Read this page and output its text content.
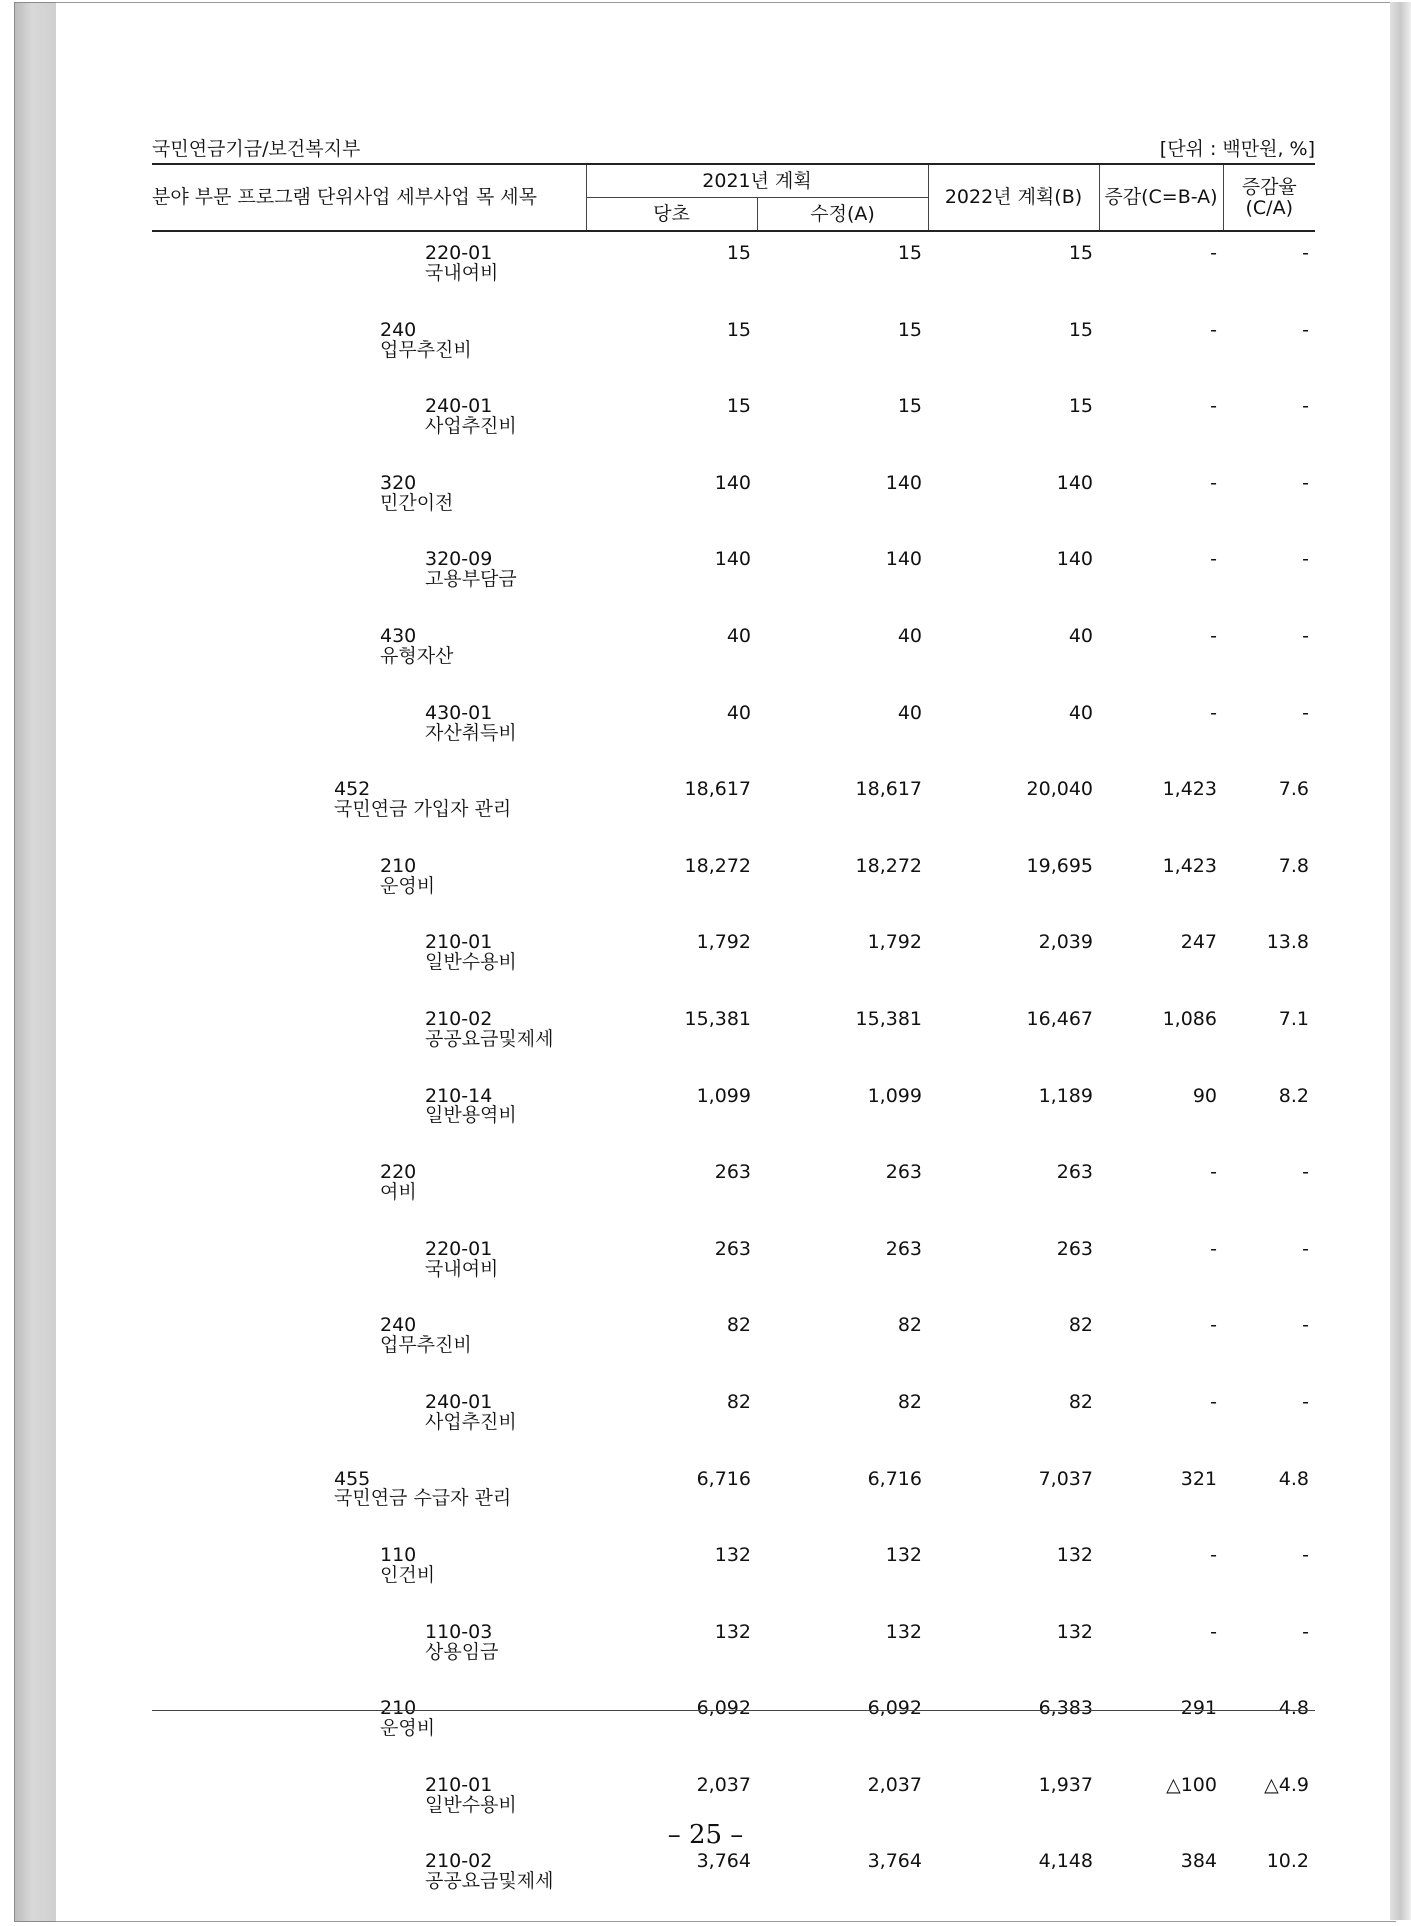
국민연금기금/보건복지부	[단위 : 백만원, %]
분야 부문 프로그램 단위사업 세부사업 목 세목	2021년 계획		2022년 계획(B)	증감(C=B-A)	증감율 (C/A)
	당초	수정(A)			

220-01
국내여비	15	15	15	-	-

240
업무추진비	15	15	15	-	-

240-01
사업추진비	15	15	15	-	-

320
민간이전	140	140	140	-	-

320-09
고용부담금	140	140	140	-	-

430
유형자산	40	40	40	-	-

430-01
자산취득비	40	40	40	-	-

452
국민연금 가입자 관리	18,617	18,617	20,040	1,423	7.6

210
운영비	18,272	18,272	19,695	1,423	7.8

210-01
일반수용비	1,792	1,792	2,039	247	13.8

210-02
공공요금및제세	15,381	15,381	16,467	1,086	7.1

210-14
일반용역비	1,099	1,099	1,189	90	8.2

220
여비	263	263	263	-	-

220-01
국내여비	263	263	263	-	-

240
업무추진비	82	82	82	-	-

240-01
사업추진비	82	82	82	-	-

455
국민연금 수급자 관리	6,716	6,716	7,037	321	4.8

110
인건비	132	132	132	-	-

110-03
상용임금	132	132	132	-	-

210
운영비	6,092	6,092	6,383	291	4.8

210-01
일반수용비	2,037	2,037	1,937	△100	△4.9

210-02
공공요금및제세	3,764	3,764	4,148	384	10.2
– 25 –
